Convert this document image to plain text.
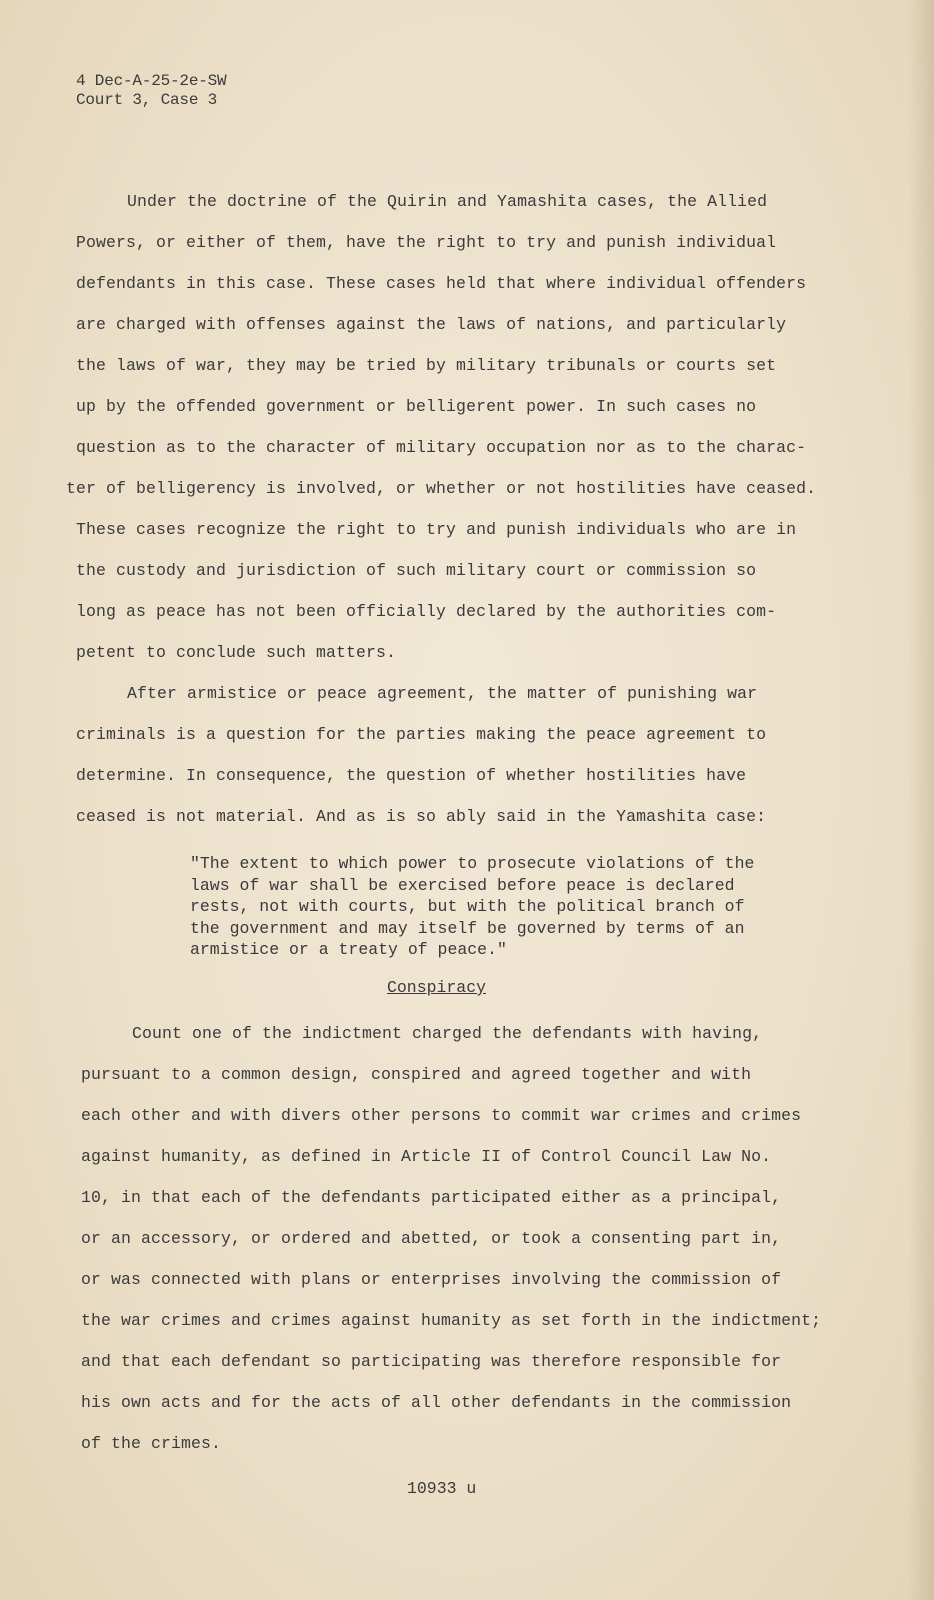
4 Dec-A-25-2e-SW
Court 3, Case 3
Under the doctrine of the Quirin and Yamashita cases, the Allied
Powers, or either of them, have the right to try and punish individual
defendants in this case. These cases held that where individual offenders
are charged with offenses against the laws of nations, and particularly
the laws of war, they may be tried by military tribunals or courts set
up by the offended government or belligerent power. In such cases no
question as to the character of military occupation nor as to the charac-
ter of belligerency is involved, or whether or not hostilities have ceased.
These cases recognize the right to try and punish individuals who are in
the custody and jurisdiction of such military court or commission so
long as peace has not been officially declared by the authorities com-
petent to conclude such matters.
After armistice or peace agreement, the matter of punishing war
criminals is a question for the parties making the peace agreement to
determine. In consequence, the question of whether hostilities have
ceased is not material. And as is so ably said in the Yamashita case:
"The extent to which power to prosecute violations of the
laws of war shall be exercised before peace is declared
rests, not with courts, but with the political branch of
the government and may itself be governed by terms of an
armistice or a treaty of peace."
Conspiracy
Count one of the indictment charged the defendants with having,
pursuant to a common design, conspired and agreed together and with
each other and with divers other persons to commit war crimes and crimes
against humanity, as defined in Article II of Control Council Law No.
10, in that each of the defendants participated either as a principal,
or an accessory, or ordered and abetted, or took a consenting part in,
or was connected with plans or enterprises involving the commission of
the war crimes and crimes against humanity as set forth in the indictment;
and that each defendant so participating was therefore responsible for
his own acts and for the acts of all other defendants in the commission
of the crimes.
10933 u
